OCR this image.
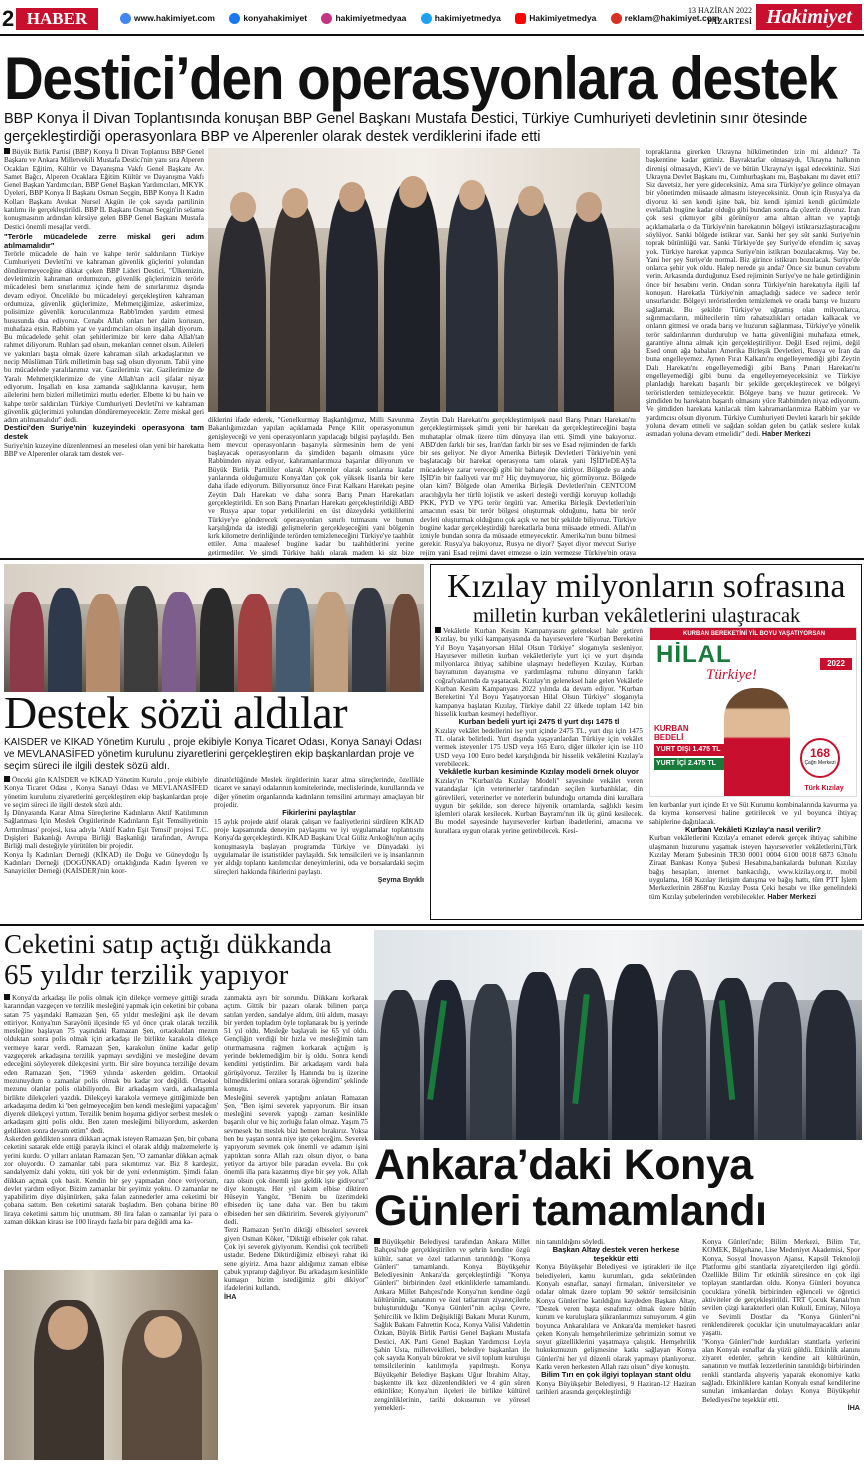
2 HABER	www.hakimiyet.com	konyahakimiyet	hakimiyetmedyaa	hakimiyetmedya	Hakimiyetmedya	reklam@hakimiyet.com
13 HAZİRAN 2022
PAZARTESİ Hakimiyet
Destici’den operasyonlara destek
BBP Konya İl Divan Toplantısında konuşan BBP Genel Başkanı Mustafa Destici, Türkiye Cumhuriyeti devletinin sınır ötesinde gerçekleştirdiği operasyonlara BBP ve Alperenler olarak destek verdiklerini ifade etti
Büyük Birlik Partisi (BBP) Konya İl Divan Toplantısı BBP Genel Başkanı ve Ankara Milletvekili Mustafa Destici'nin yanı sıra Alperen Ocakları Eğitim, Kültür ve Dayanışma Vakfı Genel Başkanı Av. Samet Bağcı, Alperen Ocaklara Eğitim Kültür ve Dayanışma Vakfı Genel Başkan Yardımcıları, BBP Genel Başkan Yardımcıları, MKYK Üyeleri, BBP Konya İl Başkanı Osman Seçgin, BBP Konya İl Kadın Kolları Başkanı Avukat Nursel Akgün ile çok sayıda partilinin katılımı ile gerçekleştirildi. BBP İL Başkanı Osman Seçgin'in selama konuşmasının ardından kürsüye gelen BBP Genel Başkanı Mustafa Destici önemli mesajlar verdi.
"Terörle mücadelede zerre miskal geri adım atılmamalıdır"
Terörle mücadele de hain ve kahpe terör saldırıların Türkiye Cumhuriyeti Devleti'ni ve kahraman güvenlik güçlerini yolundan döndüremeyeceğine dikkat çeken BBP Lideri Destici, "Ülkemizin, devletimizin kahraman ordumuzun, güvenlik güçlerimizin terörle mücadelesi hem sınırlarımız içinde hem de sınırlarımız dışında devam ediyor. Öncelikle bu mücadeleyi gerçekleştiren kahraman ordumuza, güvenlik güçlerimize, Mehmetçiğimize, askerimize, polisimize güvenlik korucularımıza Rabb'imden yardım etmesi hususunda dua ediyoruz. Cenabı Allah onları her daim korusun, muhafaza etsin. Rabbim yar ve yardımcıları olsun inşallah diyorum. Bu mücadelede şehit olan şehitlerimize bir kere daha Allah'tan rahmet diliyorum. Ruhları şad olsun, mekanları cennet olsun. Aileleri ve yakınları başta olmak üzere kahraman silah arkadaşlarının ve necip Müslüman Türk milletimin başı sağ olsun diyorum. Tabii yine bu mücadelede yaralılarımız var. Gazilerimiz var. Gazilerimize de Yaralı Mehmetçiklerimize de yine Allah'tan acil şifalar niyaz ediyorum. İnşallah en kısa zamanda sağlıklarına kavuşur, hem ailelerini hem bizleri milletimizi mutlu ederler. Elbette ki bu hain ve kahpe terör saldırıları Türkiye Cumhuriyeti Devleti'ni ve kahraman güvenlik güçlerimizi yolundan döndüremeyecektir. Zerre miskal geri adım atılmamalıdır" dedi.
Destici'den Suriye'nin kuzeyindeki operasyona tam destek
Suriye'nin kuzeyine düzenlenmesi an meselesi olan yeni bir harekatta BBP ve Alperenler olarak tam destek ver-
diklerini ifade ederek, "Genelkurmay Başkanlığımız, Milli Savunma Bakanlığımızdan yapılan açıklamada Pençe Kilit operasyonunun genişleyeceği ve yeni operasyonların yapılacağı bilgisi paylaşıldı. Ben hem mevcut operasyonların başarıyla sürmesinin hem de yeni başlayacak operasyonların da şimdiden başarılı olmasını yüce Rabbimden niyaz ediyor, kahramanlarımıza başarılar diliyorum ve Büyük Birlik Partililer olarak Alperenler olarak sonlarına kadar yanlarında olduğumuzu Konya'dan çok çok yüksek lisanla bir kere daha ifade ediyorum. Biliyorsunuz önce Fırat Kalkanı Harekatı peşine Zeytin Dalı Harekatı ve daha sonra Barış Pınarı Harekatları gerçekleştirildi. En son Barış Pınarları Harekatı gerçekleştirildiği ABD ve Rusya apar topar yetkililerini en üst düzeydeki yetkililerini Türkiye'ye gönderecek operasyonları sınırlı tutmasını ve bunun karşılığında da istediği gelişmelerin gerçekleşeceğini yani bölgenin kırk kilometre derinliğinde terörden temizleneceğini Türkiye'ye taahhüt ettiler. Ama maalesef bugüne kadar bu taahhütlerini yerine getirmediler. Ve şimdi Türkiye haklı olarak madem ki siz bize
Zeytin Dalı Harekatı'nı gerçekleştirmişsek nasıl Barış Pınarı Harekatı'nı gerçekleştirmişsek şimdi yeni bir harekatı da gerçekleştireceğini başta muhataplar olmak üzere tüm dünyaya ilan etti. Şimdi yine bakıyoruz. ABD'den farklı bir ses, İran'dan farklı bir ses ve Esad rejiminden de farklı bir ses geliyor. Ne diyor Amerika Birleşik Devletleri Türkiye'nin yeni başlatacağı bir harekat operasyona tam olarak yani İŞİD'leDEAŞ'la mücadeleye zarar vereceği gibi bir bahane öne sürüyor. Bölgede şu anda İŞİD'in bir faaliyeti var mı? Hiç duymuyoruz, hiç görmüyoruz. Bölgede olan kim? Bölgede olan Amerika Birleşik Devletleri'nin CENTCOM aracılığıyla her türlü lojistik ve askeri desteği verdiği koruyup kolladığı PKK, PYD ve YPG terör örgütü var. Amerika Birleşik Devletleri'nin amacının esası bir terör bölgesi oluşturmak olduğunu, hatta bir terör devleti oluşturmak olduğunu çok açık ve net bir şekilde biliyoruz. Türkiye bugüne kadar gerçekleştirdiği harekatlarla buna müsaade etmedi. Allah'ın izniyle bundan sonra da müsaade etmeyecektir. Amerika'nın bunu bilmesi gerekir. Rusya'ya bakıyoruz, Rusya ne diyor? Şayet diyor mevcut Suriye rejim yani Esad rejimi davet etmezse o izin vermezse Türkiye'nin oraya
topraklarına girerken Ukrayna hükümetinden izin mi aldınız? Ta başkentine kadar gittiniz. Bayraktarlar olmasaydı, Ukrayna halkının direnişi olmasaydı, Kiev'i de ve bütün Ukrayna'yı işgal edecektiniz. Sizi Ukrayna Devlet Başkanı mı, Cumhurbaşkanı mı, Başbakanı mı davet etti? Siz davetsiz, her yere gideceksiniz. Ama sıra Türkiye'ye gelince olmayan bir yönetimden müsaade almasını isteyeceksiniz. Onun için Rusya'ya da diyoruz ki sen kendi işine bak, biz kendi işimizi kendi gücümüzle evelallah bugüne kadar olduğu gibi bundan sonra da çözeriz diyoruz. İran çok sesi çıkmıyor gibi görünüyor ama alttan alttan ve yaptığı açıklamalarla o da Türkiye'nin harekatının bölgeyi istikrarsızlaştıracağını söylüyor. Sanki bölgede istikrar var. Sanki her şey süt sanki Suriye'nin toprak bütünlüğü var. Sanki Türkiye'de şey Suriye'de efendim iç savaş yok. Türkiye harekat yapınca Suriye'nin istikrarı bozulacakmış. Vay be. Yani her şey Suriye'de normal. Biz girince istikrarı bozulacak. Suriye'de onlarca şehir yok oldu. Halep nerede şu anda? Önce siz bunun cevabını verin. Arkasında durduğunuz Esed rejiminin Suriye'ye ne hale getirdiğinin önce bir hesabını verin. Ondan sonra Türkiye'nin harekatıyla ilgili laf konuşun. Harekatla Türkiye'nin amaçladığı sadece ve sadece terör unsurlarıdır. Bölgeyi teröristlerden temizlemek ve orada barışı ve huzuru sağlamak. Bu şekilde Türkiye'ye uğramış olan milyonlarca, sığınmacıların, mültecilerin tüm rahatsızlıkları ortadan kalkacak ve onların gitmesi ve orada barış ve huzurun sağlanması, Türkiye'ye yönelik terör saldırılarının durdurulup ve hatta güvenliğini muhafaza etmek, garantiye altına almak için gerçekleştiriliyor. Değil Esed rejimi, değil Esed onun ağa babaları Amerika Birleşik Devletleri, Rusya ve İran da buna engelleyemez. Aynen Fırat Kalkanı'nı engelleyemediği gibi Zeytin Dalı Harekatı'nı engelleyemediği gibi Barış Pınarı Harekatı'nı engelleyemediği gibi bunu da engelleyemeyeceksiniz ve Türkiye planladığı harekatı başarılı bir şekilde gerçekleştirecek ve bölgeyi teröristlerden temizleyecektir. Bölgeye barış ve huzur getirecek. Ve şimdiden bu harekatın başarılı olmasını yüce Rabbimden niyaz ediyorum. Ve şimdiden harekata katılacak tüm kahramanlarımıza Rabbim yar ve yardımcısı olsun diyorum. Türkiye Cumhuriyeti Devleti kararlı bir şekilde yoluna devam etmeli ve sağdan soldan gelen bu çatlak seslere kulak asmadan yoluna devam etmelidir" dedi. Haber Merkezi
Destek sözü aldılar
KAİSDER ve KİKAD Yönetim Kurulu , proje ekibiyle Konya Ticaret Odası, Konya Sanayi Odası ve MEVLANASİFED yönetim kurulunu ziyaretlerini gerçekleştiren ekip başkanlardan proje ve seçim süreci ile ilgili destek sözü aldı.
Önceki gün KAİSDER ve KİKAD Yönetim Kurulu , proje ekibiyle Konya Ticaret Odası , Konya Sanayi Odası ve MEVLANASİFED yönetim kurulunu ziyaretlerini gerçekleştiren ekip başkanlardan proje ve seçim süreci ile ilgili destek sözü aldı.
İş Dünyasında Karar Alma Süreçlerine Kadınların Aktif Katılımının Sağlanması İçin Meslek Örgütlerinde Kadınların Eşit Temsiliyetinin Arttırılması' projesi, kısa adıyla 'Aktif Kadın Eşit Temsil' projesi T.C. Dışişleri Bakanlığı Avrupa Birliği Başkanlığı tarafından, Avrupa Birliği mali desteğiyle yürütülen bir projedir.
Konya İş Kadınları Derneği (KİKAD) ile Doğu ve Güneydoğu İş Kadınları Derneği (DOGÜNKAD) ortaklığında Kadın İşveren ve Sanayiciler Derneği (KAİSDER)'nin koor-
dinatörlüğünde Meslek örgütlerinin karar alma süreçlerinde, özellikle ticaret ve sanayi odalarının komitelerinde, meclislerinde, kurullarında ve diğer yönetim organlarında kadınların temsilini artırmayı amaçlayan bir projedir.
Fikirlerini paylaştılar
15 aylık projede aktif olarak çalışan ve faaliyetlerini sürdüren KİKAD proje kapsamında deneyim paylaşımı ve iyi uygulamalar toplantısını Konya'da gerçekleştirdi. KİKAD Başkanı Ucal Güliz Arıkoğlu'nun açılış konuşmasıyla başlayan programda Türkiye ve Dünyadaki iyi uygulamalar ile istatistikler paylaşıldı. Sık temsilcileri ve iş insanlarının yer aldığı toplantı katılımcılar deneyimlerini, oda ve borsalardaki seçim süreçleri hakkında fikirlerini paylaştı.
Şeyma Bıyıklı
Kızılay milyonların sofrasına
milletin kurban vekâletlerini ulaştıracak
Vekâletle Kurban Kesim Kampanyasını geleneksel hale getiren Kızılay, bu yılki kampanyasında da hayırseverlere "Kurban Bereketini Yıl Boyu Yaşatıyorsan Hilal Olsun Türkiye" sloganıyla sesleniyor. Hayırsever milletin kurban vekâletleriyle yurt içi ve yurt dışında milyonlarca ihtiyaç sahibine ulaşmayı hedefleyen Kızılay, Kurban bayramının dayanışma ve yardımlaşma ruhunu dünyanın farklı coğrafyalarında da yaşatacak. Kızılay'ın geleneksel hale gelen Vekâletle Kurban Kesim Kampanyası 2022 yılında da devam ediyor. "Kurban Bereketini Yıl Boyu Yaşatıyorsan Hilal Olsun Türkiye" sloganıyla kampanya başlatan Kızılay, Türkiye dahil 22 ülkede toplam 142 bin hisselik kurban kesmeyi hedefliyor.
Kurban bedeli yurt içi 2475 tl yurt dışı 1475 tl
Kızılay vekâlet bedellerini ise yurt içinde 2475 TL, yurt dışı için 1475 TL olarak belirledi. Yurt dışında yaşayanlardan Türkiye için vekâlet vermek isteyenler 175 USD veya 165 Euro, diğer ülkeler için ise 110 USD veya 100 Euro bedel karşılığında bir hisselik vekâletini Kızılay'a verebilecek.
Vekâletle kurban kesiminde Kızılay modeli örnek oluyor
Kızılay'ın "Kurban'da Kızılay Modeli" sayesinde vekâlet veren vatandaşlar için veterinerler tarafından seçilen kurbanlıklar, din görevlileri, veterinerler ve noterlerin bulunduğu ortamda dini kurallara uygun bir şekilde, son derece hijyenik ortamlarda, sağlıklı kesim işlemleri olarak kesilecek. Kurban Bayramı'nın ilk üç günü kesilecek. Bu model sayesinde hayırseverler kurban ibadetlerini, amacına ve kurallara uygun olarak yerine getirebilecek. Kesi-
KURBAN BEREKETİNİ YİL BOYU YAŞATIYORSAN
HİLAL
Türkiye!
2022
KURBAN
BEDELİ
YURT DIŞI 1.475 TL
YURT İÇİ 2.475 TL
168
Çağrı Merkezi
Türk Kızılay
len kurbanlar yurt içinde Et ve Süt Kurumu kombinalarında kavurma ya da kıyma konservesi haline getirilecek ve yıl boyunca ihtiyaç sahiplerine dağıtılacak.
Kurban Vekâleti Kızılay'a nasıl verilir?
Kurban vekâletlerini Kızılay'a emanet ederek gerçek ihtiyaç sahibine ulaşmanın huzurunu yaşamak isteyen hayırseverler vekâletlerini,Türk Kızılay Meram Şubesinin TR30 0001 0004 6100 0018 6873 63nolu Ziraat Bankası Konya Şubesi Hesabına,bankalarda bulunan Kızılay bağış hesapları, internet bankacılığı, www.kizilay.org.tr, mobil uygulama, 168 Kızılay iletişim danışma ve bağış hattı, tüm PTT İşlem Merkezlerinin 2868'nu Kızılay Posta Çeki hesabı ve ilke genelindeki tüm Kızılay şubelerinden verebilecekler. Haber Merkezi
Ceketini satıp açtığı dükkanda
65 yıldır terzilik yapıyor
Konya'da arkadaşı ile polis olmak için dilekçe vermeye gittiği sırada kararından vazgeçen ve terzilik mesleğini yapmak için ceketini bir çobana satan 75 yaşındaki Ramazan Şen, 65 yıldır mesleğini aşk ile devam ettiriyor. Konya'nın Sarayönü ilçesinde 65 yıl önce çırak olarak terzilik mesleğine başlayan 75 yaşındaki Ramazan Şen, ortaokuldan mezun olduktan sonra polis olmak için arkadaşı ile birlikte karakola dilekçe vermeye karar verdi. Ramazan Şen, karakolun önüne kadar gelip vazgeçerek arkadaşına terzilik yapmayı sevdiğini ve mesleğine devam edeceğini söyleyerek dilekçesini yırttı. Bir süre boyunca terziliğe devam eden Ramazan Şen, "1969 yılında askerden geldim. Ortaokul mezunuydum o zamanlar polis olmak bu kadar zor değildi. Ortaokul mezunu olanlar polis olabiliyordu. Bir arkadaşım vardı, arkadaşımla birlikte dilekçeleri yazdık. Dilekçeyi karakola vermeye gittiğimizde ben arkadaşıma dedim ki 'ben gelmeyeceğim ben kendi mesleğimi yapacağım' diyerek dilekçeyi yırttım. Terzilik benim hoşuma gidiyor serbest meslek o arkadaşım gitti polis oldu. Ben zaten mesleğimi biliyordum, askerden geldikten sonra devam ettim" dedi.
Askerden geldikten sonra dükkan açmak isteyen Ramazan Şen, bir çobana ceketini satarak elde ettiği parayla ikinci el olarak aldığı malzemelerle iş yerini kurdu. O yılları anlatan Ramazan Şen, "O zamanlar dükkan açmak zor oluyordu. O zamanlar tabi para sıkıntımız var. Biz 8 kardeşiz, sandalyemiz dahi yoktu, tüti yok bir de yeni evlenmiştim. Şimdi falan dükkan açmak çok basit. Kendin bir şey yapmadan önce veriyorsun, devlet yardım ediyor. Bizim zamanlar bir şeyimiz yoktu. O zamanlar ne yapabilirim diye düşünürken, şaka falan zannederler ama ceketimi bir çobana sattım. Ben ceketimi satarak başladım. Ben çobana birine 80 liraya ceketimi sattım hiç unutmam. 80 lira falan o zamanlar iyi para o zaman dükkan kirası ise 100 liraydı fazla bir para değildi ama ka-
zanmakta ayrı bir sorundu. Dükkanı korkarak açtım. Gittik bir pazarı olarak bilinen parça satılan yerden, sandalye aldım, ütü aldım, masayı bir yerden topladım öyle toplanarak bu iş yerinde 51 yıl oldu. Mesleğe başlayalı ise 65 yıl oldu. Gençliğin verdiği bir hızla ve mesleğimin tam oturmamasına rağmen korkarak açtığım iş yerinde beklemediğim bir iş oldu. Sonra kendi kendimi yetiştirdim. Bir arkadaşım vardı hala görüşüyoruz. Terziler İş Hanında bu iş üzerine bilmediklerimi onlara sorarak öğrendim" şeklinde konuştu.
Mesleğini severek yaptığını anlatan Ramazan Şen, "Ben işimi severek yapıyorum. Bir insan mesleğini severek yaptığı zaman kesinlikle başarılı olur ve hiç zorluğu falan olmaz. Yaşım 75 sevmesek bu meslek bizi hemen bırakırız. Yoksa ben bu yaştan sonra niye işte çekeceğim. Severek yapıyorum sevmek çok önemli ve adamın işini yaptıktan sonra Allah razı olsun diyor, o bana yetiyor da artıyor bile paradan evvela. Bu çok önemli illa para kazanmış diye bir şey yok. Allah razı olsun çok önemli işte geldik işte gidiyoruz" diye konuştu. Her yıl takım elbise diktiren Hüseyin Yangöz, "Benim bu üzerimdeki elbiseden üç tane daha var. Ben bu takım elbiseden her sen diktiririm. Severek giyiyorum" dedi.
Terzi Ramazan Şen'in diktiği elbiseleri severek giyen Osman Köker, "Diktiği elbiseler çok rahat. Çok iyi severek giyiyorum. Kendisi çok tecrübeli ustadır. Bedene Diktirdiğimiz elbiseyi rahat iki sene giyiriz. Ama hazır aldığımız zaman elbise çabuk yıpranıp dağılıyor. Bu arkadaşım kesinlikle kumaşın bizim istediğimiz gibi dikiyor" ifadelerini kullandı.
İHA
Ankara’daki Konya
Günleri tamamlandı
Büyükşehir Belediyesi tarafından Ankara Millet Bahçesi'nde gerçekleştirilen ve şehrin kendine özgü kültür, sanat ve özel tatlarının tanıtıldığı "Konya Günleri" tamamlandı. Konya Büyükşehir Belediyesinin Ankara'da gerçekleştirdiği "Konya Günleri" birbirinden özel etkinliklerle tamamlandı. Ankara Millet Bahçesi'nde Konya'nın kendine özgü kültürünün, sanatının ve özel tatlarının ziyaretçilerle buluşturulduğu "Konya Günleri"nin açılışı Çevre, Şehircilik ve İklim Değişikliği Bakanı Murat Kurum, Sağlık Bakanı Fahrettin Koca, Konya Valisi Vahdettin Özkan, Büyük Birlik Partisi Genel Başkanı Mustafa Destici, AK Parti Genel Başkan Yardımcısı Leyla Şahin Usta, milletvekilleri, belediye başkanları ile çok sayıda Konyalı bürokrat ve sivil toplum kuruluşu temsilcilerinin katılımıyla yapılmıştı. Konya Büyükşehir Belediye Başkanı Uğur İbrahim Altay, başkentte ilk kez düzenlendikleri ve 4 gün süren etkinlikte; Konya'nın ilçeleri ile birlikte kültürel zenginliklerinin, tarihi dokusunun ve yöresel yemekleri-
nin tanıtıldığını söyledi.
Başkan Altay destek veren herkese teşekkür etti
Konya Büyükşehir Belediyesi ve iştirakleri ile ilçe belediyeleri, kamu kurumları, gıda sektöründen Konyalı esnaflar, sanayi firmaları, üniversiteler ve odalar olmak üzere toplam 90 sektör temsilcisinin Konya Günleri'ne katıldığını kaydeden Başkan Altay, "Destek veren başta esnafımız olmak üzere bütün kurum ve kuruluşlara şükranlarımızı sunuyorum. 4 gün boyunca Ankaralılara ve Ankara'da memleket hasreti çeken Konyalı hemşehrilerimize şehrimizin somut ve soyut güzelliklerini yaşatmaya çalıştık. Hemşehrilik hukukumuzun gelişmesine katkı sağlayan Konya Günleri'ni her yıl düzenli olarak yapmayı planlıyoruz. Katkı veren herkesten Allah razı olsun" diye konuştu.
Bilim Tırı en çok ilgiyi toplayan stant oldu
Konya Büyükşehir Belediyesi, 9 Haziran-12 Haziran tarihleri arasında gerçekleştirdiği
Konya Günleri'nde; Bilim Merkezi, Bilim Tır, KOMEK, Bilgehane, Lise Medeniyet Akademisi, Spor Konya, Sosyal İnovasyon Ajansı, Kapsül Teknoloji Platformu gibi stantlarla ziyaretçilerden ilgi gördü. Özellikle Bilim Tır etkinlik süresince en çok ilgi toplayan stantlardan oldu. Konya Günleri boyunca çocuklara yönelik birbirinden eğlenceli ve öğretici aktiviteler de gerçekleştirildi. TRT Çocuk Kanalı'nın sevilen çizgi karakterleri olan Kukuli, Emiray, Niloya ve Sevimli Dostlar da "Konya Günleri"ni renklendirerek çocuklar için unutulmayacakları anlar yaşattı.
"Konya Günleri"nde kurdukları stantlarla yerlerini alan Konyalı esnaflar da yüzü güldü. Etkinlik alanını ziyaret edenler, şehrin kendine ait kültürünün, sanatının ve mutfak lezzetlerinin tanıtıldığı birbirinden renkli stantlarda alışveriş yaparak ekonomiye katkı sağladı. Etkinliklere katılan Konyalı esnaf kendilerine sunulan imkanlardan dolayı Konya Büyükşehir Belediyesi'ne teşekkür etti.
İHA
